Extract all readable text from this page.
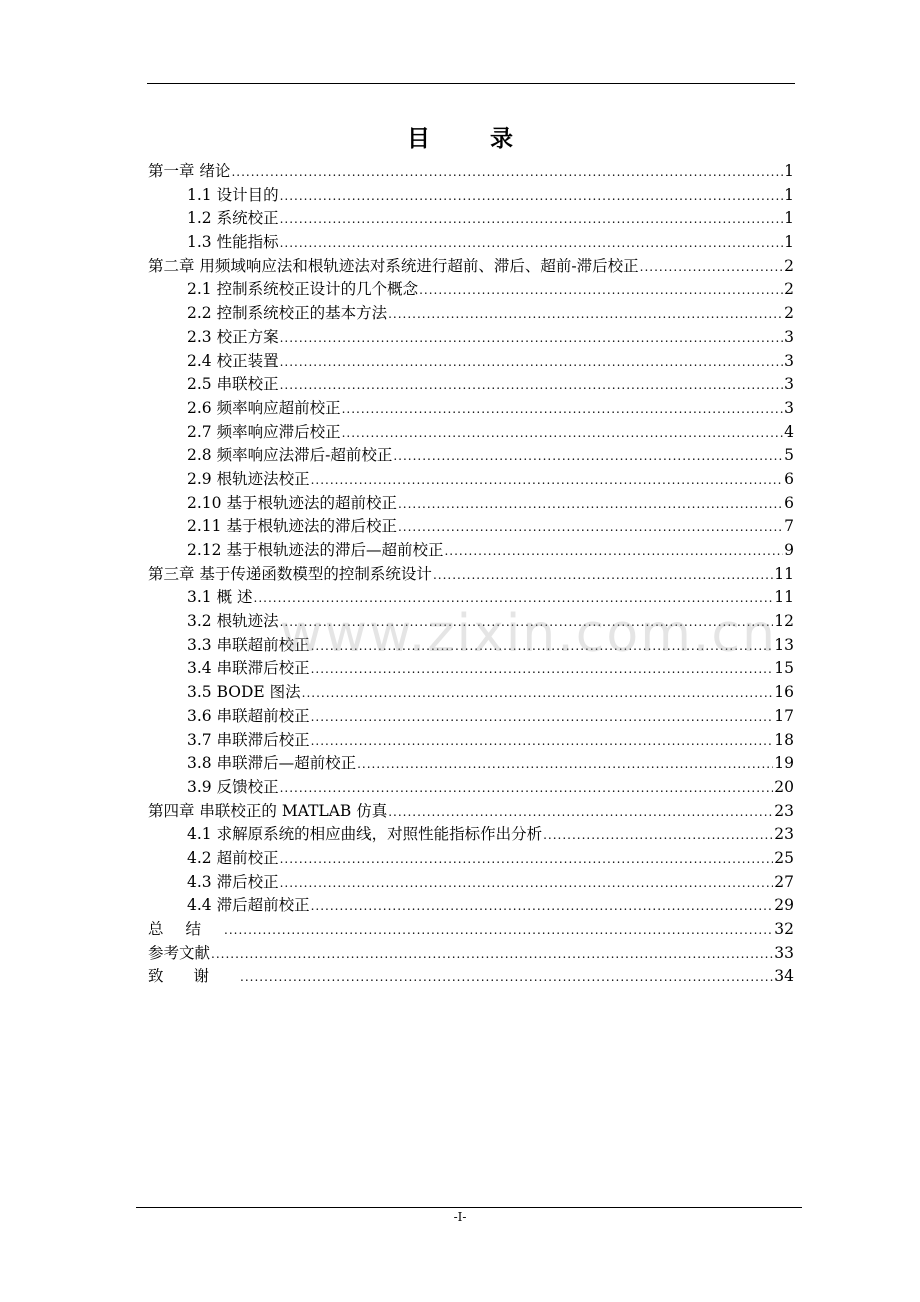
目 录
第一章 绪论 .....	1
1.1 设计目的 .....	1
1.2 系统校正 .....	1
1.3 性能指标 .....	1
第二章 用频域响应法和根轨迹法对系统进行超前、滞后、超前-滞后校正 .....	2
2.1 控制系统校正设计的几个概念 .....	2
2.2 控制系统校正的基本方法 .....	2
2.3 校正方案 .....	3
2.4 校正装置 .....	3
2.5 串联校正 .....	3
2.6 频率响应超前校正 .....	3
2.7 频率响应滞后校正 .....	4
2.8 频率响应法滞后-超前校正 .....	5
2.9 根轨迹法校正 .....	6
2.10 基于根轨迹法的超前校正 .....	6
2.11 基于根轨迹法的滞后校正 .....	7
2.12 基于根轨迹法的滞后—超前校正 .....	9
第三章 基于传递函数模型的控制系统设计 .....	11
3.1 概 述 .....	11
3.2 根轨迹法 .....	12
3.3 串联超前校正 .....	13
3.4 串联滞后校正 .....	15
3.5 BODE 图法 .....	16
3.6 串联超前校正 .....	17
3.7 串联滞后校正 .....	18
3.8 串联滞后—超前校正 .....	19
3.9 反馈校正 .....	20
第四章 串联校正的 MATLAB 仿真 .....	23
4.1 求解原系统的相应曲线，对照性能指标作出分析 .....	23
4.2 超前校正 .....	25
4.3 滞后校正 .....	27
4.4 滞后超前校正 .....	29
总结 .....	32
参考文献 .....	33
致谢 .....	34
www.zixin.com.cn
-I-
